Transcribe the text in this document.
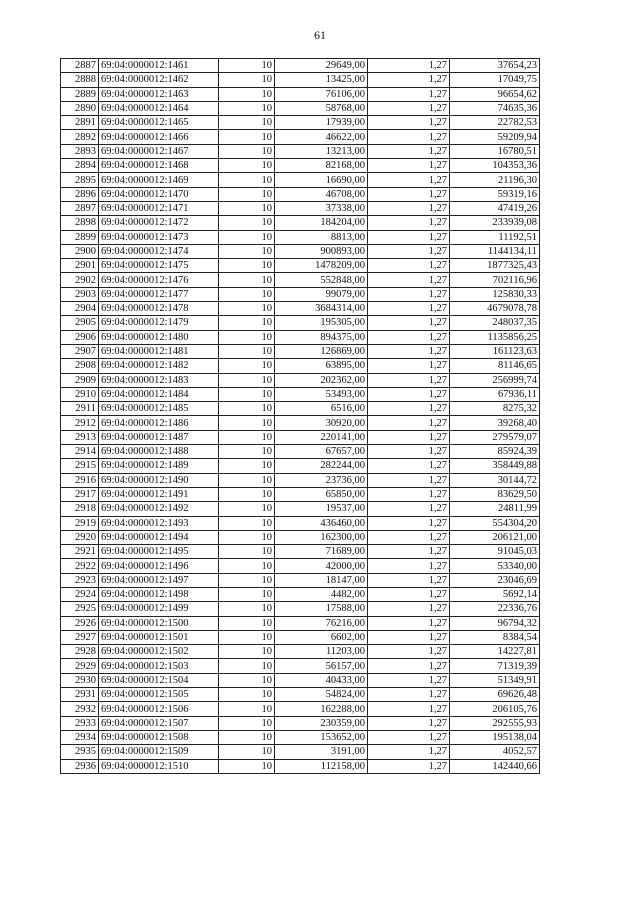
61
2887	69:04:0000012:1461	10	29649,00	1,27	37654,23
2888	69:04:0000012:1462	10	13425,00	1,27	17049,75
2889	69:04:0000012:1463	10	76106,00	1,27	96654,62
2890	69:04:0000012:1464	10	58768,00	1,27	74635,36
2891	69:04:0000012:1465	10	17939,00	1,27	22782,53
2892	69:04:0000012:1466	10	46622,00	1,27	59209,94
2893	69:04:0000012:1467	10	13213,00	1,27	16780,51
2894	69:04:0000012:1468	10	82168,00	1,27	104353,36
2895	69:04:0000012:1469	10	16690,00	1,27	21196,30
2896	69:04:0000012:1470	10	46708,00	1,27	59319,16
2897	69:04:0000012:1471	10	37338,00	1,27	47419,26
2898	69:04:0000012:1472	10	184204,00	1,27	233939,08
2899	69:04:0000012:1473	10	8813,00	1,27	11192,51
2900	69:04:0000012:1474	10	900893,00	1,27	1144134,11
2901	69:04:0000012:1475	10	1478209,00	1,27	1877325,43
2902	69:04:0000012:1476	10	552848,00	1,27	702116,96
2903	69:04:0000012:1477	10	99079,00	1,27	125830,33
2904	69:04:0000012:1478	10	3684314,00	1,27	4679078,78
2905	69:04:0000012:1479	10	195305,00	1,27	248037,35
2906	69:04:0000012:1480	10	894375,00	1,27	1135856,25
2907	69:04:0000012:1481	10	126869,00	1,27	161123,63
2908	69:04:0000012:1482	10	63895,00	1,27	81146,65
2909	69:04:0000012:1483	10	202362,00	1,27	256999,74
2910	69:04:0000012:1484	10	53493,00	1,27	67936,11
2911	69:04:0000012:1485	10	6516,00	1,27	8275,32
2912	69:04:0000012:1486	10	30920,00	1,27	39268,40
2913	69:04:0000012:1487	10	220141,00	1,27	279579,07
2914	69:04:0000012:1488	10	67657,00	1,27	85924,39
2915	69:04:0000012:1489	10	282244,00	1,27	358449,88
2916	69:04:0000012:1490	10	23736,00	1,27	30144,72
2917	69:04:0000012:1491	10	65850,00	1,27	83629,50
2918	69:04:0000012:1492	10	19537,00	1,27	24811,99
2919	69:04:0000012:1493	10	436460,00	1,27	554304,20
2920	69:04:0000012:1494	10	162300,00	1,27	206121,00
2921	69:04:0000012:1495	10	71689,00	1,27	91045,03
2922	69:04:0000012:1496	10	42000,00	1,27	53340,00
2923	69:04:0000012:1497	10	18147,00	1,27	23046,69
2924	69:04:0000012:1498	10	4482,00	1,27	5692,14
2925	69:04:0000012:1499	10	17588,00	1,27	22336,76
2926	69:04:0000012:1500	10	76216,00	1,27	96794,32
2927	69:04:0000012:1501	10	6602,00	1,27	8384,54
2928	69:04:0000012:1502	10	11203,00	1,27	14227,81
2929	69:04:0000012:1503	10	56157,00	1,27	71319,39
2930	69:04:0000012:1504	10	40433,00	1,27	51349,91
2931	69:04:0000012:1505	10	54824,00	1,27	69626,48
2932	69:04:0000012:1506	10	162288,00	1,27	206105,76
2933	69:04:0000012:1507	10	230359,00	1,27	292555,93
2934	69:04:0000012:1508	10	153652,00	1,27	195138,04
2935	69:04:0000012:1509	10	3191,00	1,27	4052,57
2936	69:04:0000012:1510	10	112158,00	1,27	142440,66
